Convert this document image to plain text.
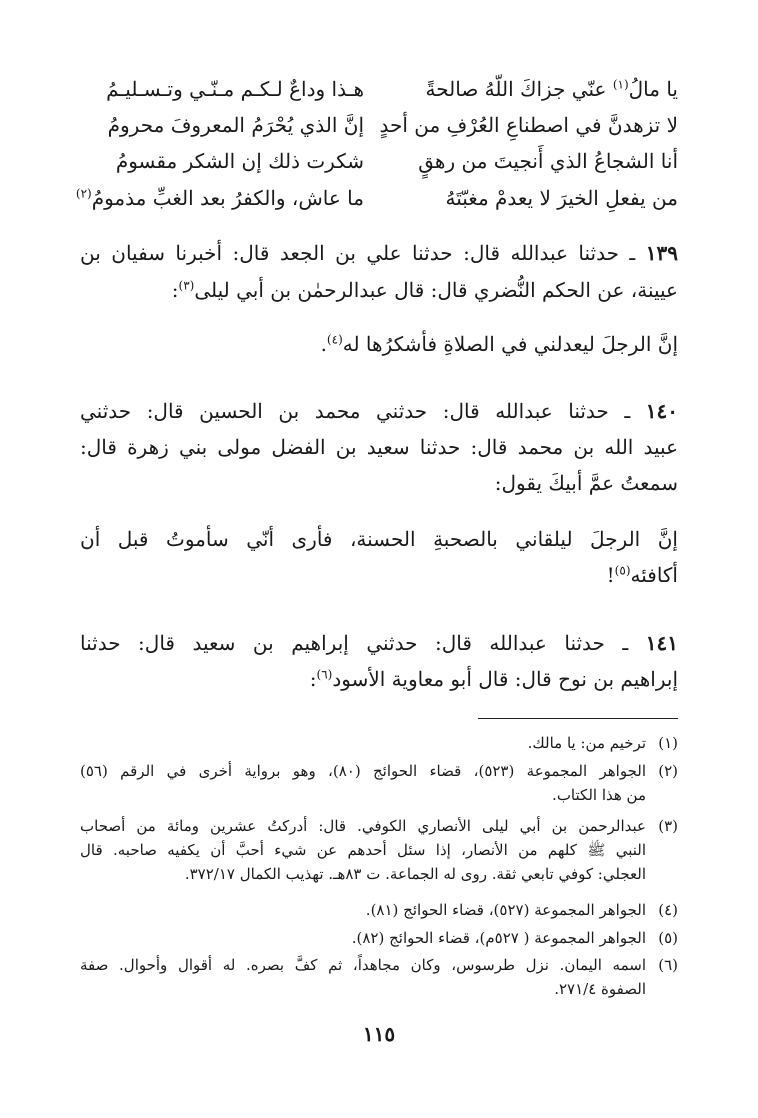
يا مالُ$^{(١)}$ عنّي جزاكَ اللّهُ صالحةً
هـذا وداعٌ لـكـم مـنّـي وتـسـليـمُ
لا تزهدنَّ في اصطناعِ العُرْفِ من أحدٍ
إنَّ الذي يُحْرَمُ المعروفَ محرومُ
أنا الشجاعُ الذي أَنجيتَ من رهقٍ
شكرت ذلك إن الشكر مقسومُ
من يفعلِ الخيرَ لا يعدمْ مغبّتَهُ
ما عاش، والكفرُ بعد الغبِّ مذمومُ$^{(٢)}$
١٣٩ ـ حدثنا عبدالله قال: حدثنا علي بن الجعد قال: أخبرنا سفيان بن
عيينة، عن الحكم النُّضري قال: قال عبدالرحمٰن بن أبي ليلى$^{(٣)}$:
إنَّ الرجلَ ليعدلني في الصلاةِ فأشكرُها له$^{(٤)}$.
١٤٠ ـ حدثنا عبدالله قال: حدثني محمد بن الحسين قال: حدثني
عبيد الله بن محمد قال: حدثنا سعيد بن الفضل مولى بني زهرة قال:
سمعتُ عمَّ أبيكَ يقول:
إنَّ الرجلَ ليلقاني بالصحبةِ الحسنة، فأرى أنّي سأموتُ قبل أن
أكافئه$^{(٥)}$!
١٤١ ـ حدثنا عبدالله قال: حدثني إبراهيم بن سعيد قال: حدثنا
إبراهيم بن نوح قال: قال أبو معاوية الأسود$^{(٦)}$:
(١)
ترخيم من: يا مالك.
(٢)
الجواهر المجموعة (٥٢٣)، قضاء الحوائج (٨٠)، وهو برواية أخرى في الرقم (٥٦)
من هذا الكتاب.
(٣)
عبدالرحمن بن أبي ليلى الأنصاري الكوفي. قال: أدركتُ عشرين ومائة من أصحاب
النبي ﷺ كلهم من الأنصار، إذا سئل أحدهم عن شيء أحبَّ أن يكفيه صاحبه. قال
العجلي: كوفي تابعي ثقة. روى له الجماعة. ت ٨٣هـ. تهذيب الكمال ٣٧٢/١٧.
(٤)
الجواهر المجموعة (٥٢٧)، قضاء الحوائج (٨١).
(٥)
الجواهر المجموعة ( ٥٢٧م)، قضاء الحوائج (٨٢).
(٦)
اسمه اليمان. نزل طرسوس، وكان مجاهداً، ثم كفَّ بصره. له أقوال وأحوال. صفة
الصفوة ٢٧١/٤.
١١٥
